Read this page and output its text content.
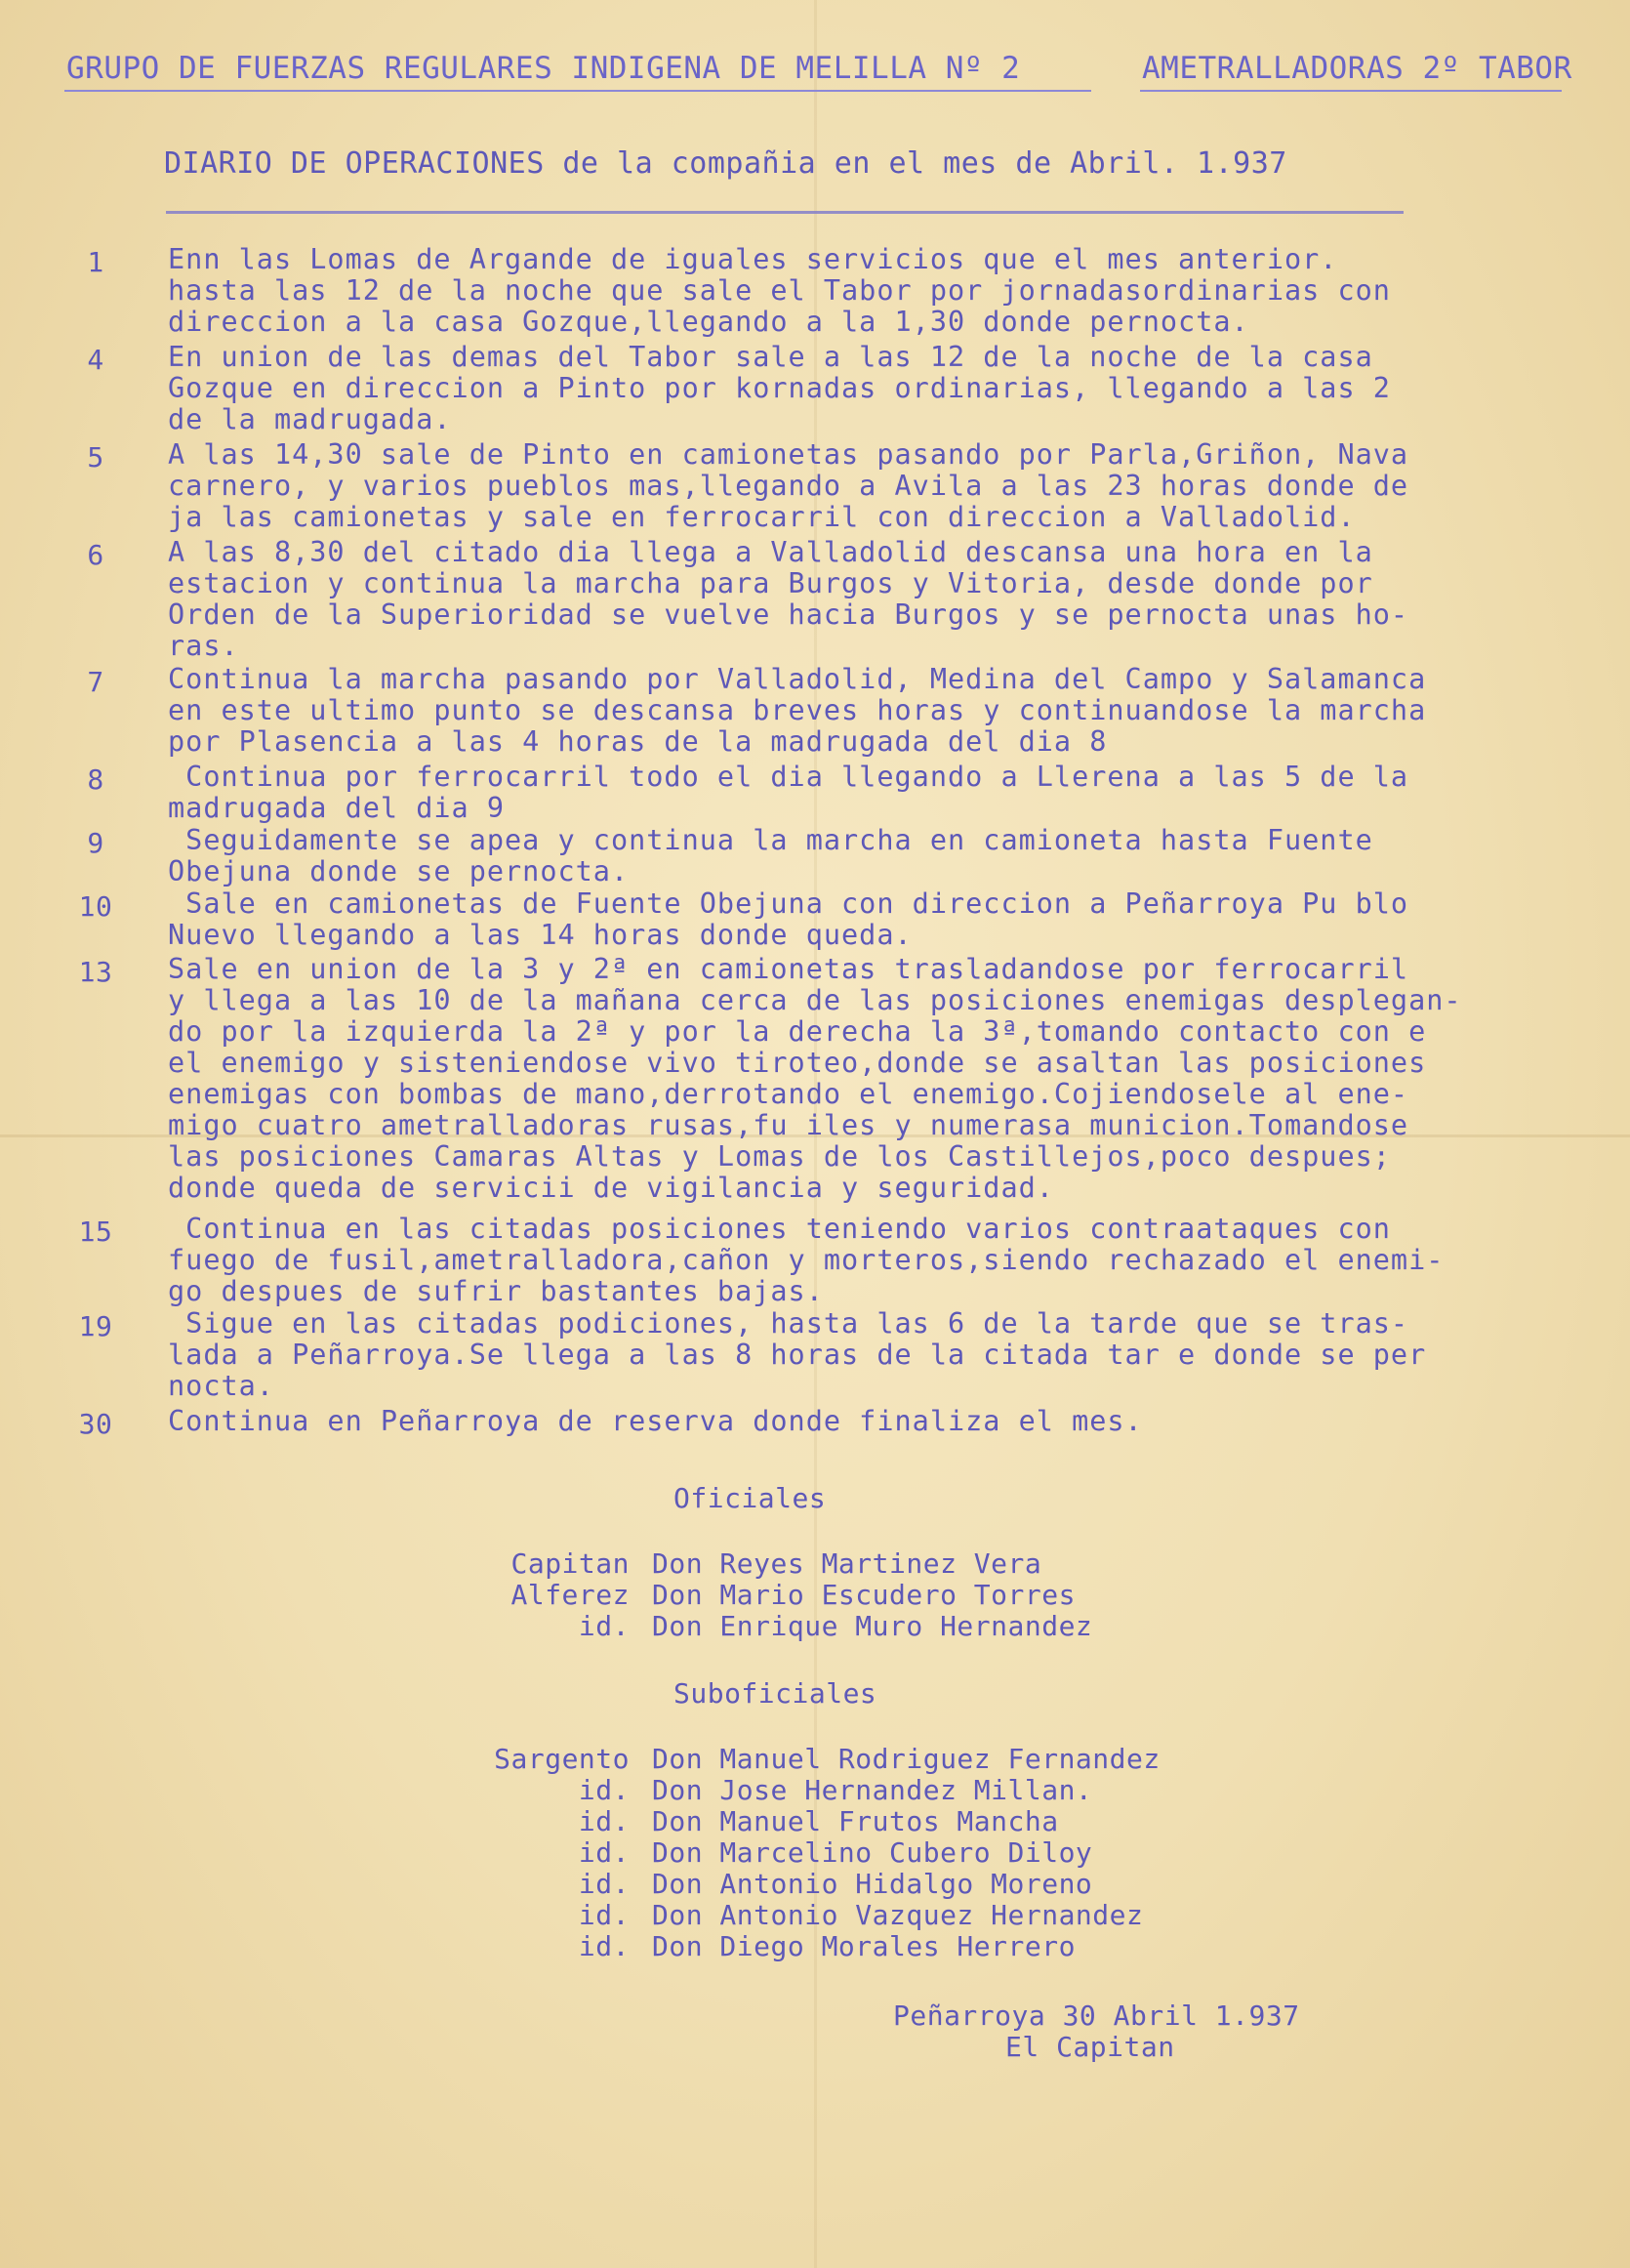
GRUPO DE FUERZAS REGULARES INDIGENA DE MELILLA Nº 2	AMETRALLADORAS 2º TABOR
DIARIO DE OPERACIONES de la compañia en el mes de Abril. 1.937
1	Enn las Lomas de Argande de iguales servicios que el mes anterior.
hasta las 12 de la noche que sale el Tabor por jornadasordinarias con
direccion a la casa Gozque,llegando a la 1,30 donde pernocta.
4	En union de las demas del Tabor sale a las 12 de la noche de la casa
Gozque en direccion a Pinto por kornadas ordinarias, llegando a las 2
de la madrugada.
5	A las 14,30 sale de Pinto en camionetas pasando por Parla,Griñon, Nava
carnero, y varios pueblos mas,llegando a Avila a las 23 horas donde de
ja las camionetas y sale en ferrocarril con direccion a Valladolid.
6	A las 8,30 del citado dia llega a Valladolid descansa una hora en la
estacion y continua la marcha para Burgos y Vitoria, desde donde por
Orden de la Superioridad se vuelve hacia Burgos y se pernocta unas ho-
ras.
7	Continua la marcha pasando por Valladolid, Medina del Campo y Salamanca
en este ultimo punto se descansa breves horas y continuandose la marcha
por Plasencia a las 4 horas de la madrugada del dia 8
8	Continua por ferrocarril todo el dia llegando a Llerena a las 5 de la
madrugada del dia 9
9	Seguidamente se apea y continua la marcha en camioneta hasta Fuente
Obejuna donde se pernocta.
10	Sale en camionetas de Fuente Obejuna con direccion a Peñarroya Pu blo
Nuevo llegando a las 14 horas donde queda.
13	Sale en union de la 3 y 2ª en camionetas trasladandose por ferrocarril
y llega a las 10 de la mañana cerca de las posiciones enemigas desplegan-
do por la izquierda la 2ª y por la derecha la 3ª,tomando contacto con e
el enemigo y sisteniendose vivo tiroteo,donde se asaltan las posiciones
enemigas con bombas de mano,derrotando el enemigo.Cojiendosele al ene-
migo cuatro ametralladoras rusas,fu iles y numerasa municion.Tomandose
las posiciones Camaras Altas y Lomas de los Castillejos,poco despues;
donde queda de servicii de vigilancia y seguridad.
15	Continua en las citadas posiciones teniendo varios contraataques con
fuego de fusil,ametralladora,cañon y morteros,siendo rechazado el enemi-
go despues de sufrir bastantes bajas.
19	Sigue en las citadas podiciones, hasta las 6 de la tarde que se tras-
lada a Peñarroya.Se llega a las 8 horas de la citada tar e donde se per
nocta.
30	Continua en Peñarroya de reserva donde finaliza el mes.
Oficiales
Capitan Don Reyes Martinez Vera
Alferez Don Mario Escudero Torres
id. Don Enrique Muro Hernandez
Suboficiales
Sargento Don Manuel Rodriguez Fernandez
id. Don Jose Hernandez Millan.
id. Don Manuel Frutos Mancha
id. Don Marcelino Cubero Diloy
id. Don Antonio Hidalgo Moreno
id. Don Antonio Vazquez Hernandez
id. Don Diego Morales Herrero
Peñarroya 30 Abril 1.937
El Capitan
